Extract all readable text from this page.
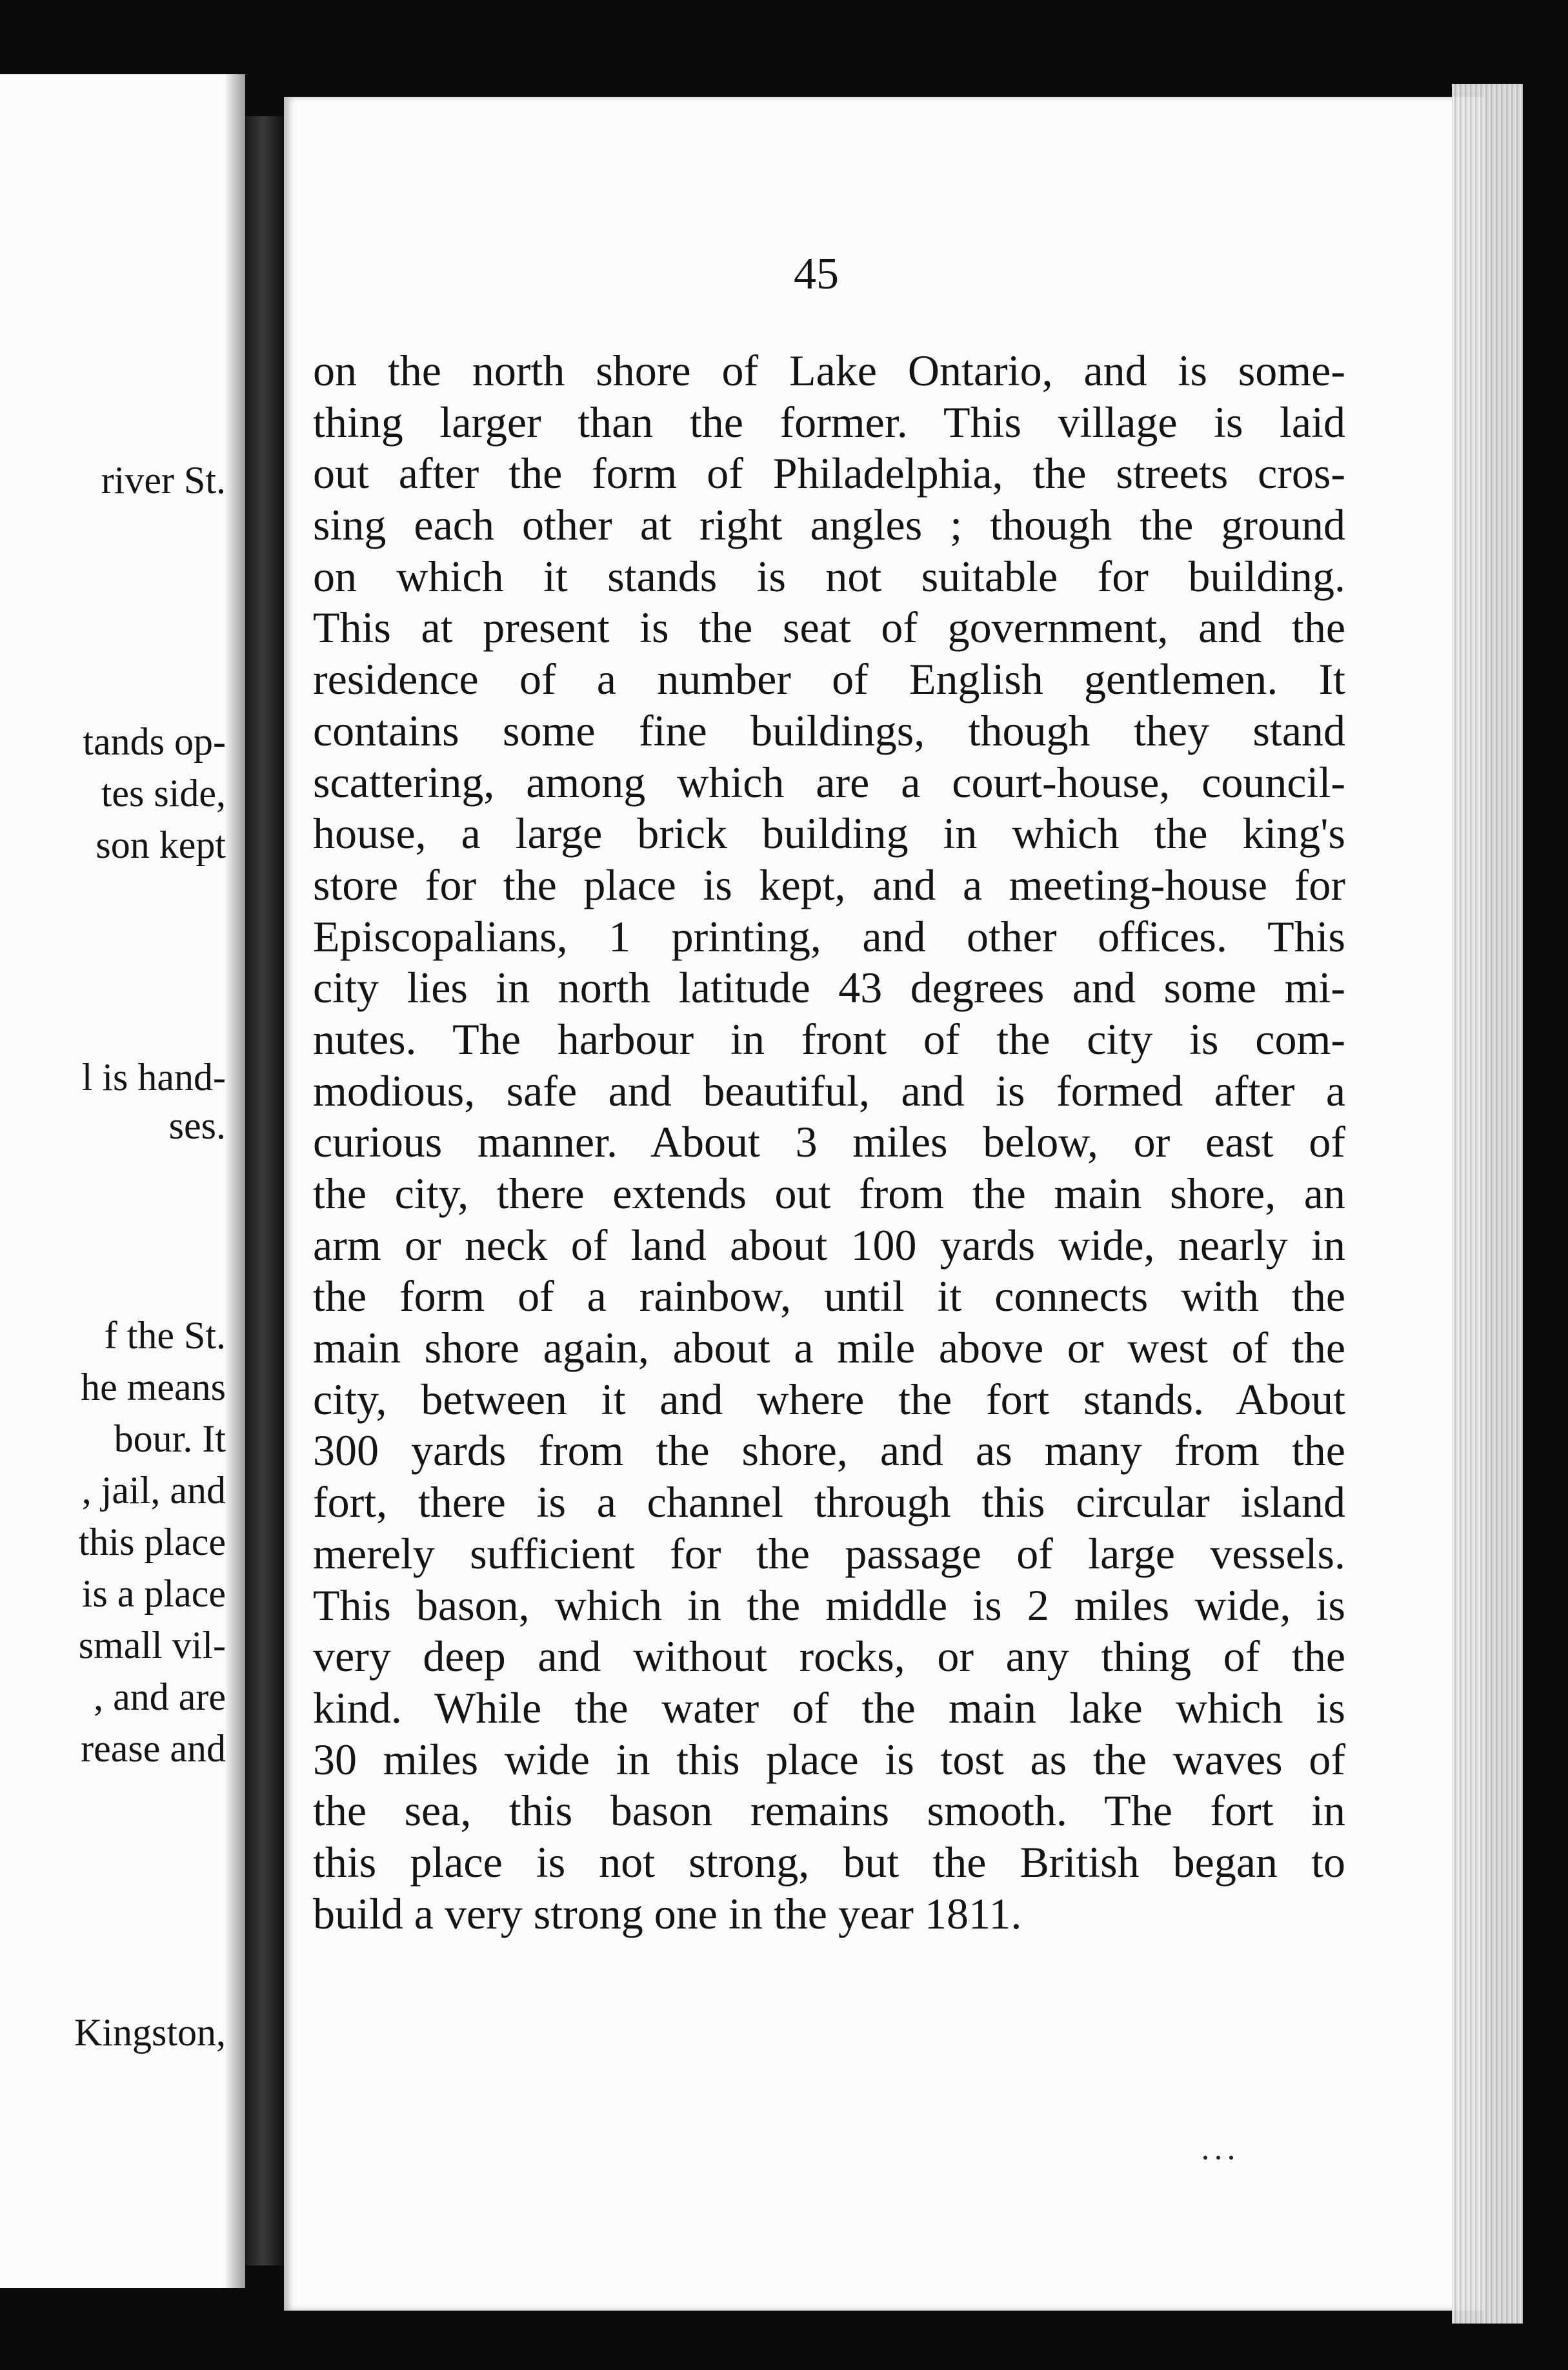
river St.
tands op-
tes side,
son kept
l is hand-
ses.
f the St.
he means
bour. It
, jail, and
this place
is a place
small vil-
, and are
rease and
Kingston,
45
on the north shore of Lake Ontario, and is some-
thing larger than the former. This village is laid
out after the form of Philadelphia, the streets cros-
sing each other at right angles ; though the ground
on which it stands is not suitable for building.
This at present is the seat of government, and the
residence of a number of English gentlemen. It
contains some fine buildings, though they stand
scattering, among which are a court-house, council-
house, a large brick building in which the king's
store for the place is kept, and a meeting-house for
Episcopalians, 1 printing, and other offices. This
city lies in north latitude 43 degrees and some mi-
nutes. The harbour in front of the city is com-
modious, safe and beautiful, and is formed after a
curious manner. About 3 miles below, or east of
the city, there extends out from the main shore, an
arm or neck of land about 100 yards wide, nearly in
the form of a rainbow, until it connects with the
main shore again, about a mile above or west of the
city, between it and where the fort stands. About
300 yards from the shore, and as many from the
fort, there is a channel through this circular island
merely sufficient for the passage of large vessels.
This bason, which in the middle is 2 miles wide, is
very deep and without rocks, or any thing of the
kind. While the water of the main lake which is
30 miles wide in this place is tost as the waves of
the sea, this bason remains smooth. The fort in
this place is not strong, but the British began to
build a very strong one in the year 1811.
